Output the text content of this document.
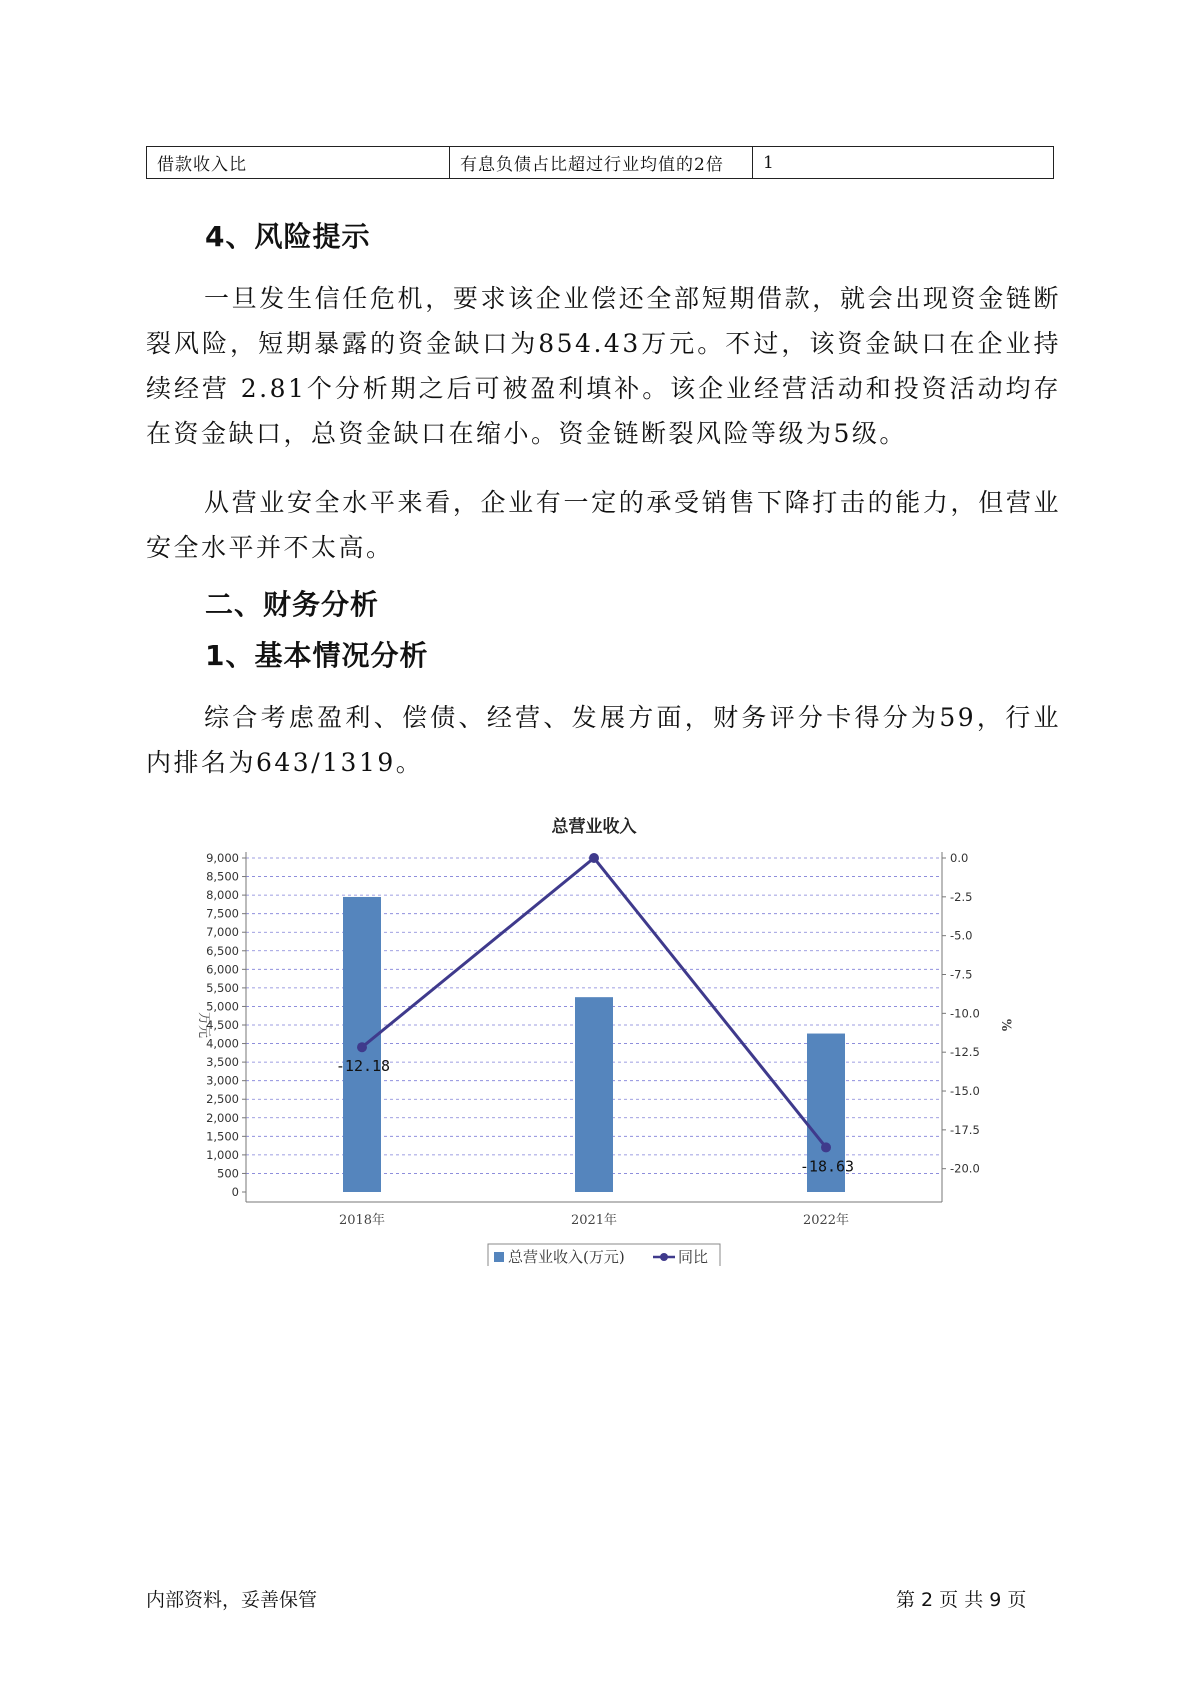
借款收入比	有息负债占比超过行业均值的2倍	1
4、风险提示

一旦发生信任危机，要求该企业偿还全部短期借款，就会出现资金链断裂风险，短期暴露的资金缺口为854.43万元。不过，该资金缺口在企业持续经营 2.81个分析期之后可被盈利填补。该企业经营活动和投资活动均存在资金缺口，总资金缺口在缩小。资金链断裂风险等级为5级。

从营业安全水平来看，企业有一定的承受销售下降打击的能力，但营业安全水平并不太高。

二、财务分析
1、基本情况分析

综合考虑盈利、偿债、经营、发展方面，财务评分卡得分为59，行业内排名为643/1319。

总营业收入
0
500
1,000
1,500
2,000
2,500
3,000
3,500
4,000
4,500
5,000
5,500
6,000
6,500
7,000
7,500
8,000
8,500
9,000	0.0
-2.5
-5.0
-7.5
-10.0
-12.5
-15.0
-17.5
-20.0
万元	%
2018年	2021年	2022年
-12.18
-18.63
总营业收入(万元)	同比
内部资料，妥善保管	第 2 页 共 9 页
